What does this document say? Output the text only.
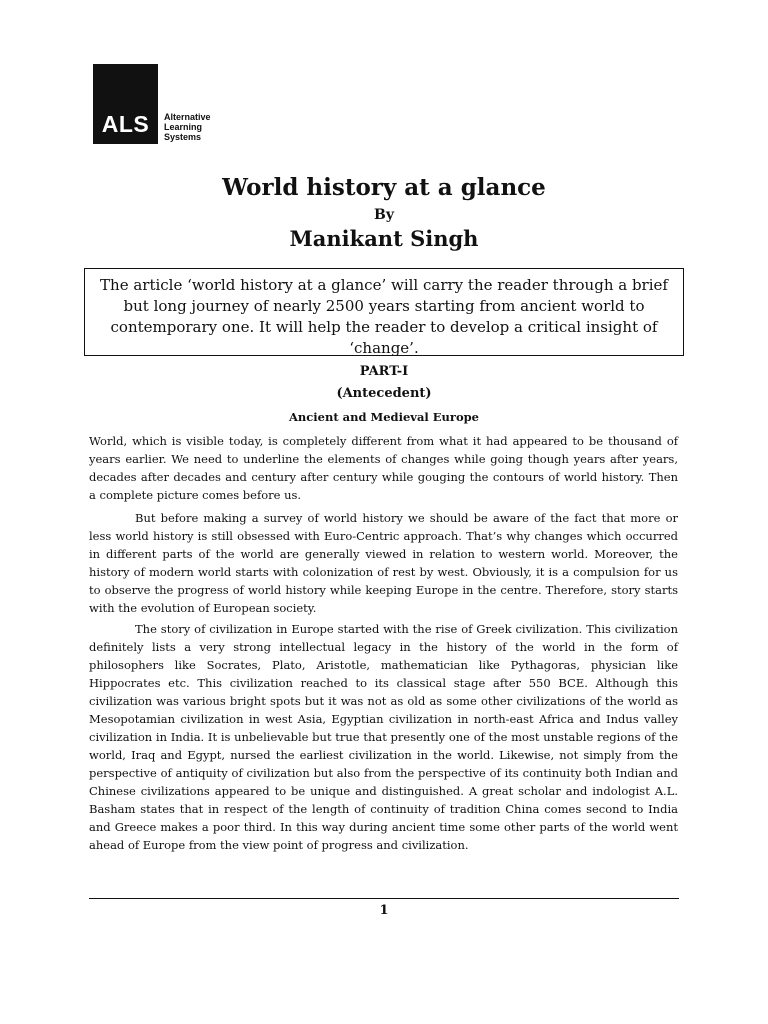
ALS	Alternative
Learning
Systems
World history at a glance
By
Manikant Singh
The article ‘world history at a glance’ will carry the reader through a brief but long journey of nearly 2500 years starting from ancient world to contemporary one. It will help the reader to develop a critical insight of ‘change’.
PART-I
(Antecedent)
Ancient and Medieval Europe

World, which is visible today, is completely different from what it had appeared to be thousand of years earlier. We need to underline the elements of changes while going though years after years, decades after decades and century after century while gouging the contours of world history. Then a complete picture comes before us.

But before making a survey of world history we should be aware of the fact that more or less world history is still obsessed with Euro-Centric approach. That’s why changes which occurred in different parts of the world are generally viewed in relation to western world. Moreover, the history of modern world starts with colonization of rest by west. Obviously, it is a compulsion for us to observe the progress of world history while keeping Europe in the centre. Therefore, story starts with the evolution of European society.

The story of civilization in Europe started with the rise of Greek civilization. This civilization definitely lists a very strong intellectual legacy in the history of the world in the form of philosophers like Socrates, Plato, Aristotle, mathematician like Pythagoras, physician like Hippocrates etc. This civilization reached to its classical stage after 550 BCE. Although this civilization was various bright spots but it was not as old as some other civilizations of the world as Mesopotamian civilization in west Asia, Egyptian civilization in north-east Africa and Indus valley civilization in India. It is unbelievable but true that presently one of the most unstable regions of the world, Iraq and Egypt, nursed the earliest civilization in the world. Likewise, not simply from the perspective of antiquity of civilization but also from the perspective of its continuity both Indian and Chinese civilizations appeared to be unique and distinguished. A great scholar and indologist A.L. Basham states that in respect of the length of continuity of tradition China comes second to India and Greece makes a poor third. In this way during ancient time some other parts of the world went ahead of Europe from the view point of progress and civilization.

1
